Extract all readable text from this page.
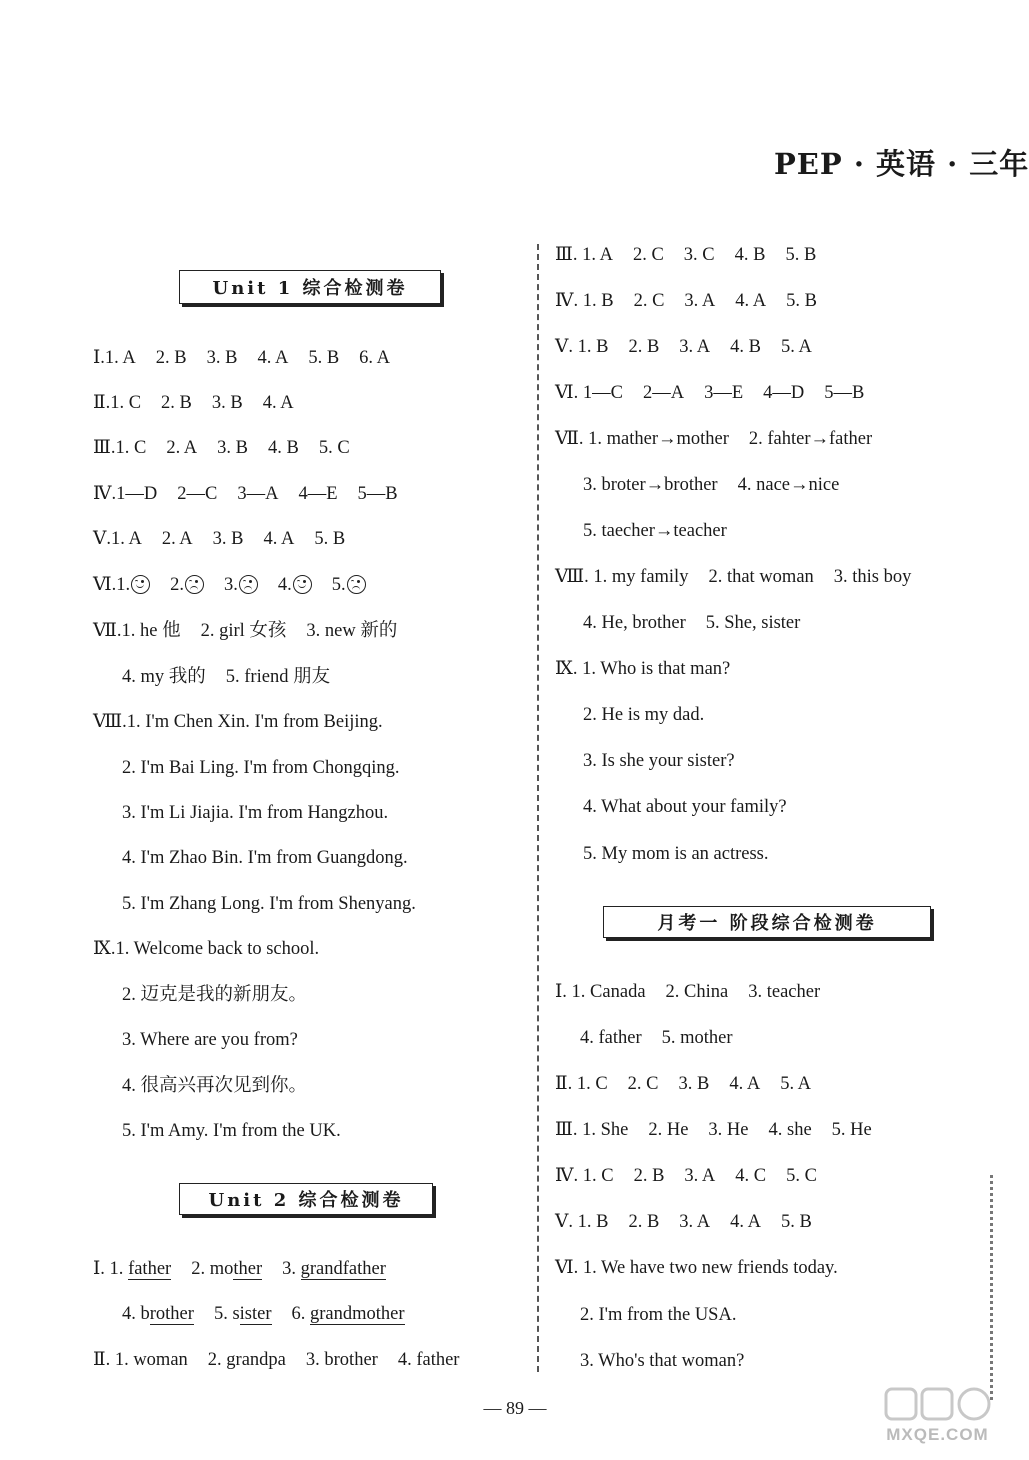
PEP · 英语 · 三年
Unit 1 综合检测卷
Ⅰ.1. A 2. B 3. B 4. A 5. B 6. A
Ⅱ.1. C 2. B 3. B 4. A
Ⅲ.1. C 2. A 3. B 4. B 5. C
Ⅳ.1—D 2—C 3—A 4—E 5—B
Ⅴ.1. A 2. A 3. B 4. A 5. B
Ⅵ.1. 2. 3. 4. 5.
Ⅶ.1. he 他 2. girl 女孩 3. new 新的
4. my 我的 5. friend 朋友
Ⅷ.1. I'm Chen Xin. I'm from Beijing.
2. I'm Bai Ling. I'm from Chongqing.
3. I'm Li Jiajia. I'm from Hangzhou.
4. I'm Zhao Bin. I'm from Guangdong.
5. I'm Zhang Long. I'm from Shenyang.
Ⅸ.1. Welcome back to school.
2. 迈克是我的新朋友。
3. Where are you from?
4. 很高兴再次见到你。
5. I'm Amy. I'm from the UK.
Unit 2 综合检测卷
Ⅰ. 1. father 2. mother 3. grandfather
4. brother 5. sister 6. grandmother
Ⅱ. 1. woman 2. grandpa 3. brother 4. father
Ⅲ. 1. A 2. C 3. C 4. B 5. B
Ⅳ. 1. B 2. C 3. A 4. A 5. B
Ⅴ. 1. B 2. B 3. A 4. B 5. A
Ⅵ. 1—C 2—A 3—E 4—D 5—B
Ⅶ. 1. mather→mother 2. fahter→father
3. broter→brother 4. nace→nice
5. taecher→teacher
Ⅷ. 1. my family 2. that woman 3. this boy
4. He, brother 5. She, sister
Ⅸ. 1. Who is that man?
2. He is my dad.
3. Is she your sister?
4. What about your family?
5. My mom is an actress.
月考一 阶段综合检测卷
Ⅰ. 1. Canada 2. China 3. teacher
4. father 5. mother
Ⅱ. 1. C 2. C 3. B 4. A 5. A
Ⅲ. 1. She 2. He 3. He 4. she 5. He
Ⅳ. 1. C 2. B 3. A 4. C 5. C
Ⅴ. 1. B 2. B 3. A 4. A 5. B
Ⅵ. 1. We have two new friends today.
2. I'm from the USA.
3. Who's that woman?
— 89 —
MXQE.COM
